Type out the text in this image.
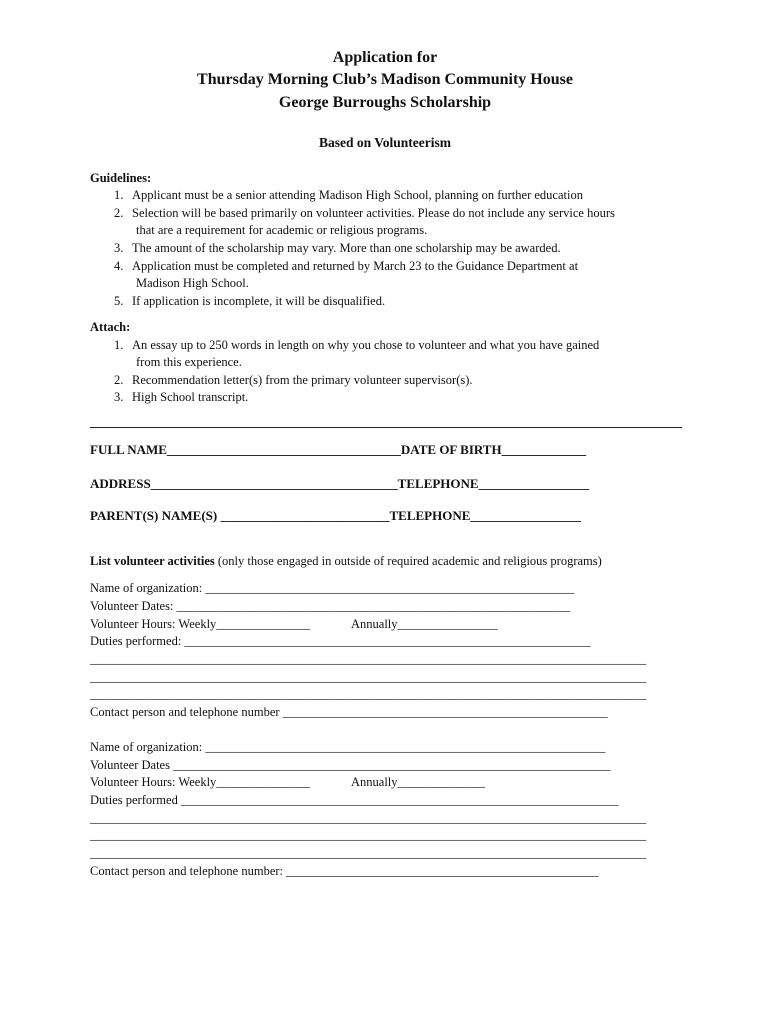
Application for
Thursday Morning Club’s Madison Community House
George Burroughs Scholarship
Based on Volunteerism
Guidelines:
1. Applicant must be a senior attending Madison High School, planning on further education
2. Selection will be based primarily on volunteer activities. Please do not include any service hours
that are a requirement for academic or religious programs.
3. The amount of the scholarship may vary. More than one scholarship may be awarded.
4. Application must be completed and returned by March 23 to the Guidance Department at
Madison High School.
5. If application is incomplete, it will be disqualified.
Attach:
1. An essay up to 250 words in length on why you chose to volunteer and what you have gained
from this experience.
2. Recommendation letter(s) from the primary volunteer supervisor(s).
3. High School transcript.
FULL NAME____________________________________DATE OF BIRTH_____________
ADDRESS______________________________________TELEPHONE_________________
PARENT(S) NAME(S) __________________________TELEPHONE_________________
List volunteer activities (only those engaged in outside of required academic and religious programs)
Name of organization: ___________________________________________________________
Volunteer Dates: _______________________________________________________________
Volunteer Hours: Weekly_______________	Annually________________
Duties performed: _________________________________________________________________
_________________________________________________________________________________________
_________________________________________________________________________________________
_________________________________________________________________________________________
Contact person and telephone number ____________________________________________________
Name of organization: ________________________________________________________________
Volunteer Dates ______________________________________________________________________
Volunteer Hours: Weekly_______________	Annually______________
Duties performed ______________________________________________________________________
_________________________________________________________________________________________
_________________________________________________________________________________________
_________________________________________________________________________________________
Contact person and telephone number: __________________________________________________
